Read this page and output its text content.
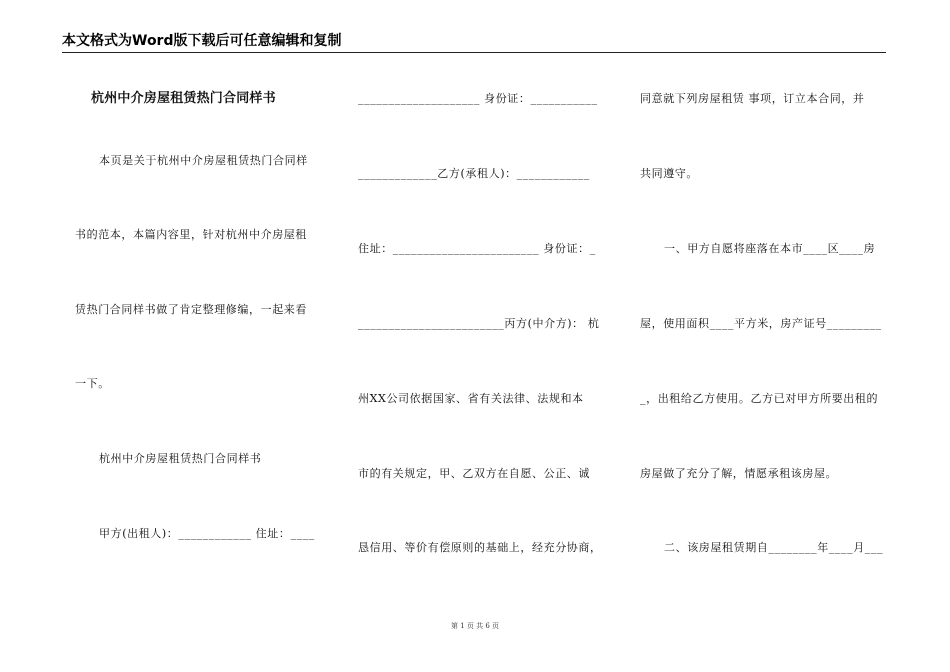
本文格式为Word版下载后可任意编辑和复制
杭州中介房屋租赁热门合同样书
本页是关于杭州中介房屋租赁热门合同样
书的范本，本篇内容里，针对杭州中介房屋租
赁热门合同样书做了肯定整理修编，一起来看
一下。
杭州中介房屋租赁热门合同样书
甲方(出租人)：____________ 住址：____
____________________ 身份证：___________
_____________乙方(承租人)：____________
住址：________________________ 身份证：_
________________________丙方(中介方)： 杭
州XX公司依据国家、省有关法律、法规和本
市的有关规定，甲、乙双方在自愿、公正、诚
恳信用、等价有偿原则的基础上，经充分协商，
同意就下列房屋租赁 事项，订立本合同，并
共同遵守。
一、甲方自愿将座落在本市____区____房
屋，使用面积____平方米，房产证号_________
_，出租给乙方使用。乙方已对甲方所要出租的
房屋做了充分了解，情愿承租该房屋。
二、该房屋租赁期自________年____月___
第 1 页 共 6 页
